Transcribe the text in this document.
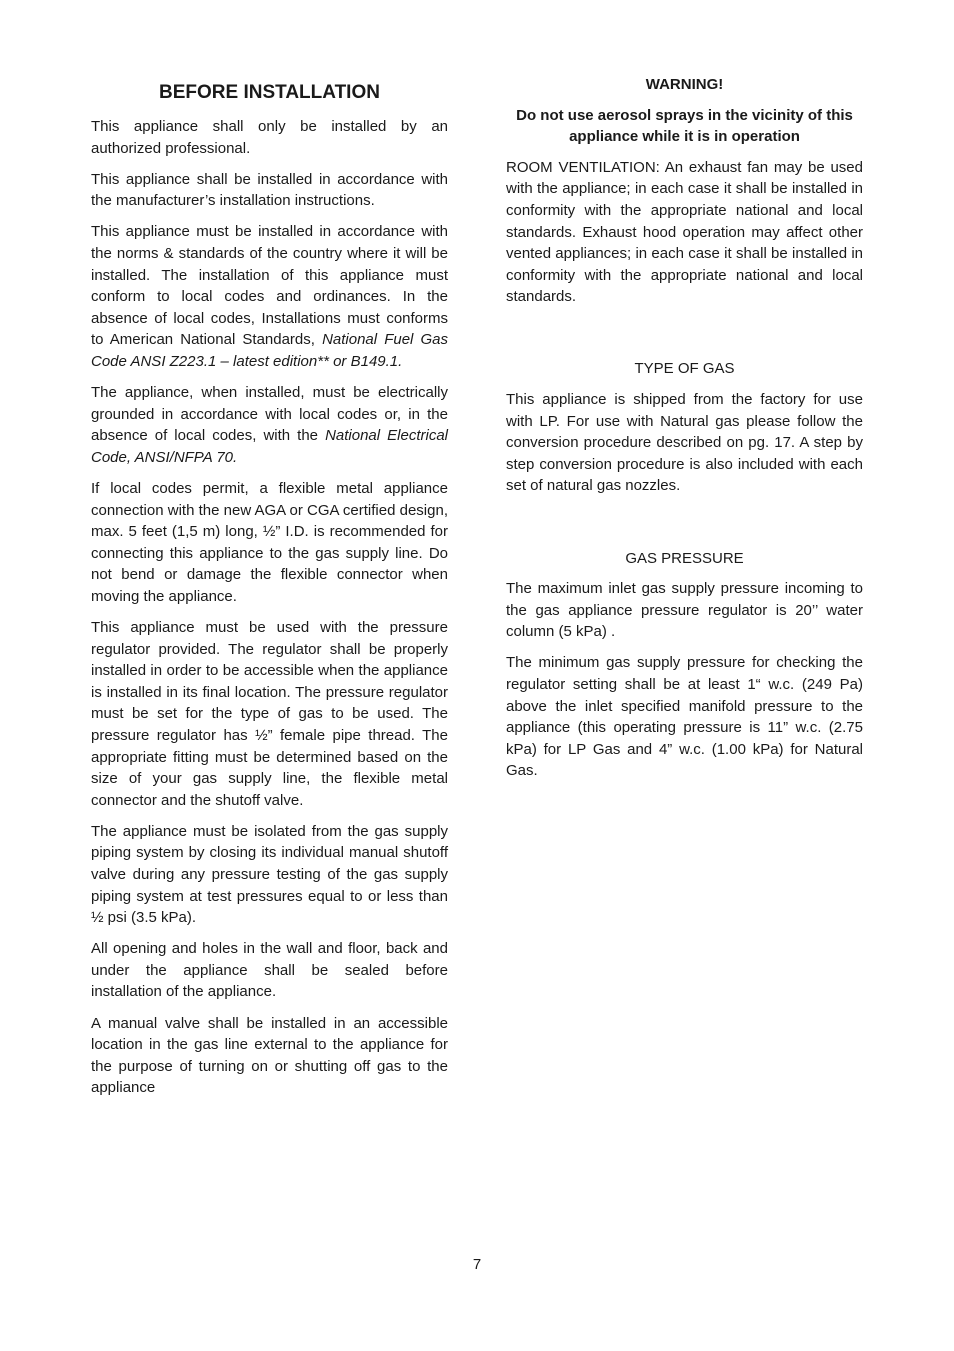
BEFORE INSTALLATION

This appliance shall only be installed by an authorized professional.

This appliance shall be installed in accordance with the manufacturer’s installation instructions.

This appliance must be installed in accordance with the norms & standards of the country where it will be installed. The installation of this appliance must conform to local codes and ordinances. In the absence of local codes, Installations must conforms to American National Standards, National Fuel Gas Code ANSI Z223.1 – latest edition** or B149.1.

The appliance, when installed, must be electrically grounded in accordance with local codes or, in the absence of local codes, with the National Electrical Code, ANSI/NFPA 70.

If local codes permit, a flexible metal appliance connection with the new AGA or CGA certified design, max. 5 feet (1,5 m) long, ½” I.D. is recommended for connecting this appliance to the gas supply line. Do not bend or damage the flexible connector when moving the appliance.

This appliance must be used with the pressure regulator provided. The regulator shall be properly installed in order to be accessible when the appliance is installed in its final location. The pressure regulator must be set for the type of gas to be used. The pressure regulator has ½” female pipe thread. The appropriate fitting must be determined based on the size of your gas supply line, the flexible metal connector and the shutoff valve.

The appliance must be isolated from the gas supply piping system by closing its individual manual shutoff valve during any pressure testing of the gas supply piping system at test pressures equal to or less than ½ psi (3.5 kPa).

All opening and holes in the wall and floor, back and under the appliance shall be sealed before installation of the appliance.

A manual valve shall be installed in an accessible location in the gas line external to the appliance for the purpose of turning on or shutting off gas to the appliance

WARNING!
Do not use aerosol sprays in the vicinity of this appliance while it is in operation

ROOM VENTILATION: An exhaust fan may be used with the appliance; in each case it shall be installed in conformity with the appropriate national and local standards. Exhaust hood operation may affect other vented appliances; in each case it shall be installed in conformity with the appropriate national and local standards.

TYPE OF GAS

This appliance is shipped from the factory for use with LP. For use with Natural gas please follow the conversion procedure described on pg. 17. A step by step conversion procedure is also included with each set of natural gas nozzles.

GAS PRESSURE

The maximum inlet gas supply pressure incoming to the gas appliance pressure regulator is 20’’ water column (5 kPa) .

The minimum gas supply pressure for checking the regulator setting shall be at least 1“ w.c. (249 Pa) above the inlet specified manifold pressure to the appliance (this operating pressure is 11” w.c. (2.75 kPa) for LP Gas and 4” w.c. (1.00 kPa) for Natural Gas.

7
